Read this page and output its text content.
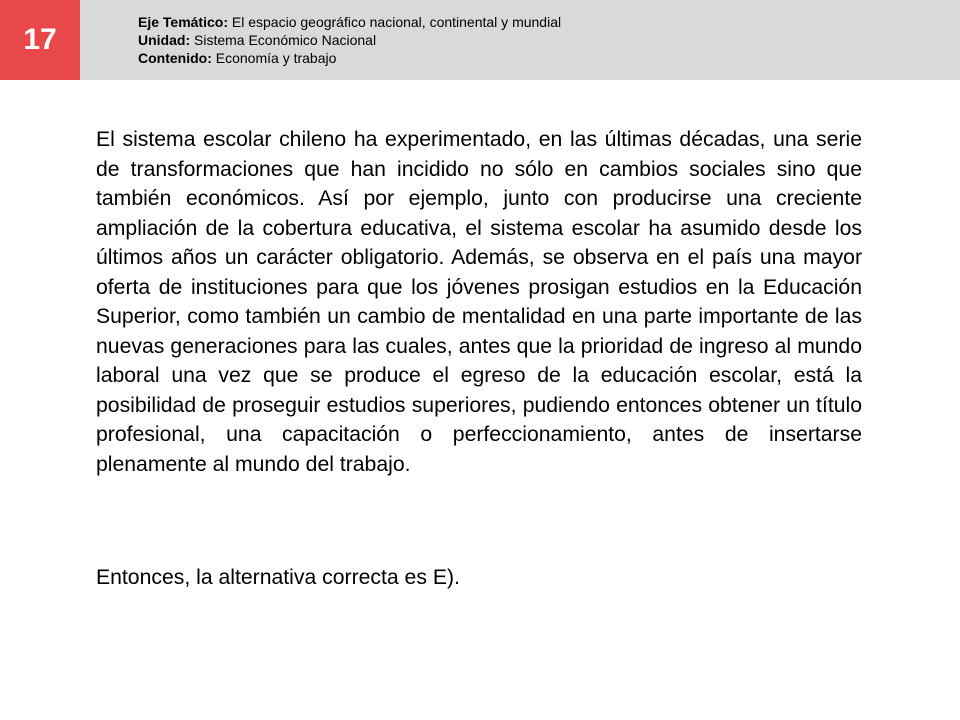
17
Eje Temático: El espacio geográfico nacional, continental y mundial
Unidad: Sistema Económico Nacional
Contenido: Economía y trabajo

El sistema escolar chileno ha experimentado, en las últimas décadas, una serie de transformaciones que han incidido no sólo en cambios sociales sino que también económicos. Así por ejemplo, junto con producirse una creciente ampliación de la cobertura educativa, el sistema escolar ha asumido desde los últimos años un carácter obligatorio. Además, se observa en el país una mayor oferta de instituciones para que los jóvenes prosigan estudios en la Educación Superior, como también un cambio de mentalidad en una parte importante de las nuevas generaciones para las cuales, antes que la prioridad de ingreso al mundo laboral una vez que se produce el egreso de la educación escolar, está la posibilidad de proseguir estudios superiores, pudiendo entonces obtener un título profesional, una capacitación o perfeccionamiento, antes de insertarse plenamente al mundo del trabajo.

Entonces, la alternativa correcta es E).
